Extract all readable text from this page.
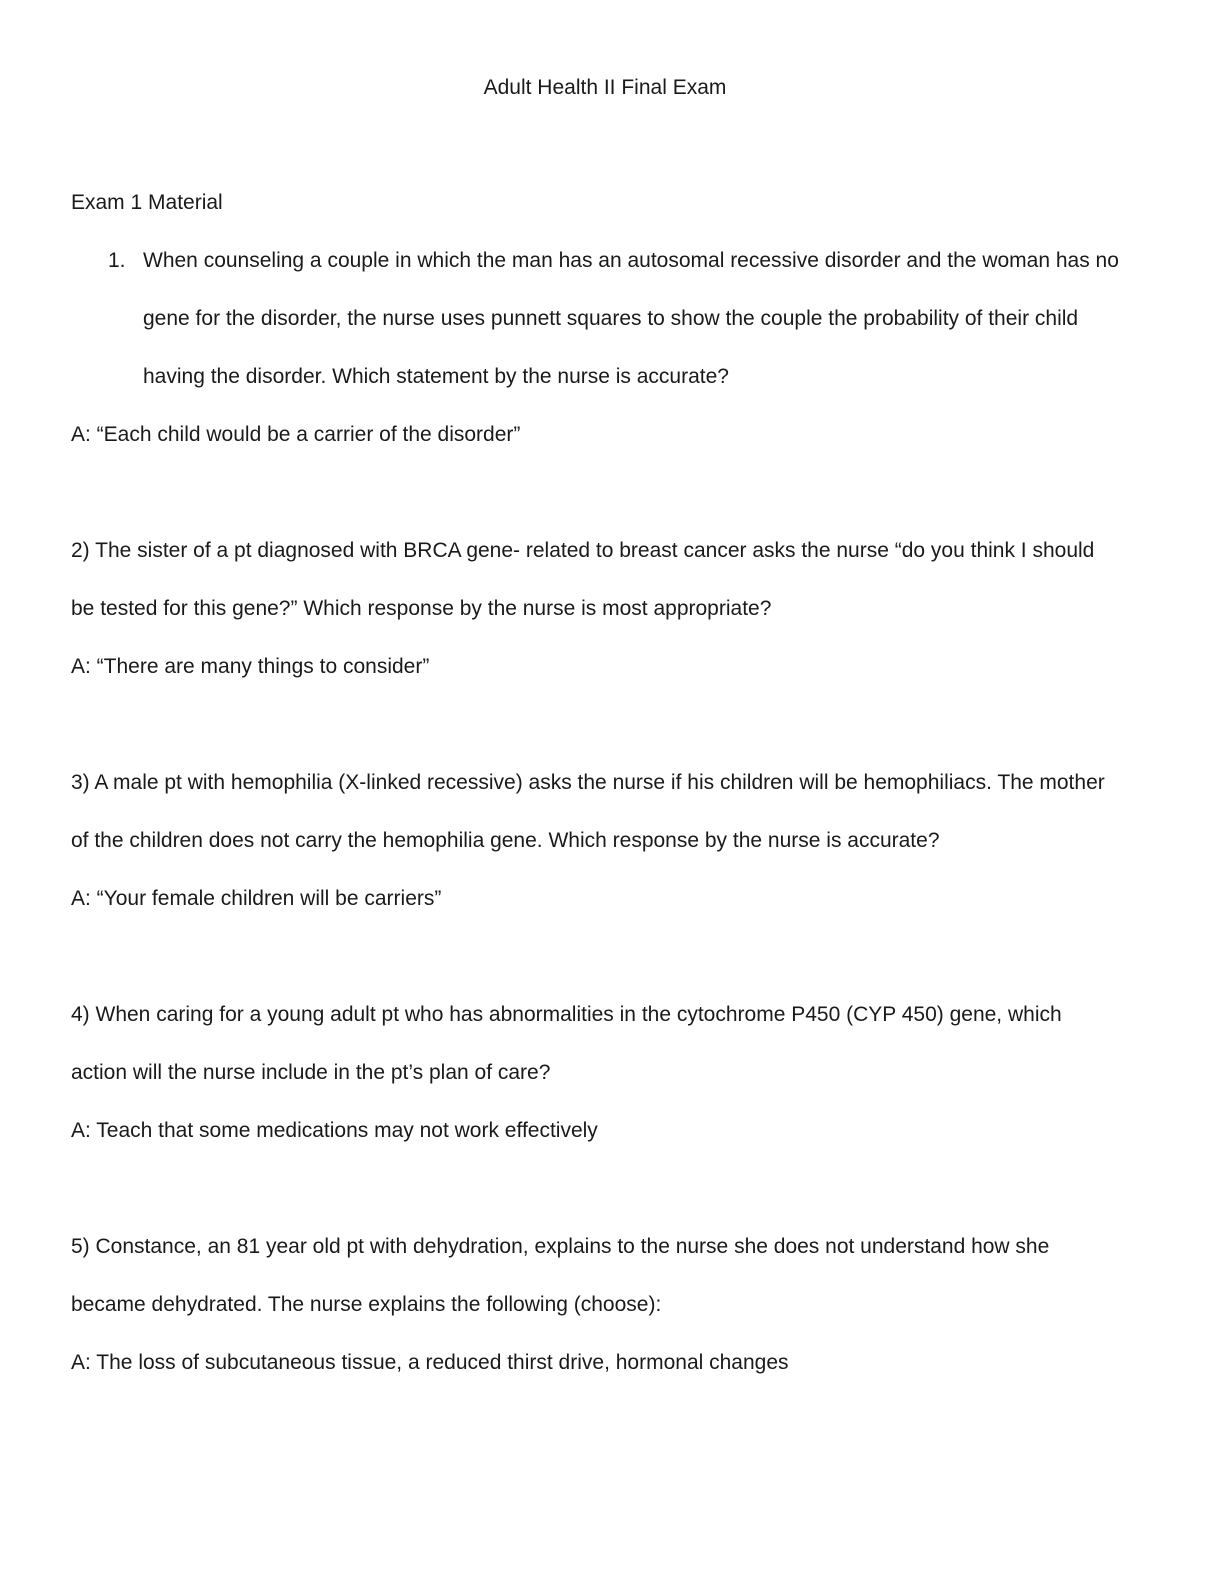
Adult Health II Final Exam
Exam 1 Material
1. When counseling a couple in which the man has an autosomal recessive disorder and the woman has no
gene for the disorder, the nurse uses punnett squares to show the couple the probability of their child
having the disorder. Which statement by the nurse is accurate?
A: “Each child would be a carrier of the disorder”
2) The sister of a pt diagnosed with BRCA gene- related to breast cancer asks the nurse “do you think I should
be tested for this gene?” Which response by the nurse is most appropriate?
A: “There are many things to consider”
3) A male pt with hemophilia (X-linked recessive) asks the nurse if his children will be hemophiliacs. The mother
of the children does not carry the hemophilia gene. Which response by the nurse is accurate?
A: “Your female children will be carriers”
4) When caring for a young adult pt who has abnormalities in the cytochrome P450 (CYP 450) gene, which
action will the nurse include in the pt’s plan of care?
A: Teach that some medications may not work effectively
5) Constance, an 81 year old pt with dehydration, explains to the nurse she does not understand how she
became dehydrated. The nurse explains the following (choose):
A: The loss of subcutaneous tissue, a reduced thirst drive, hormonal changes
